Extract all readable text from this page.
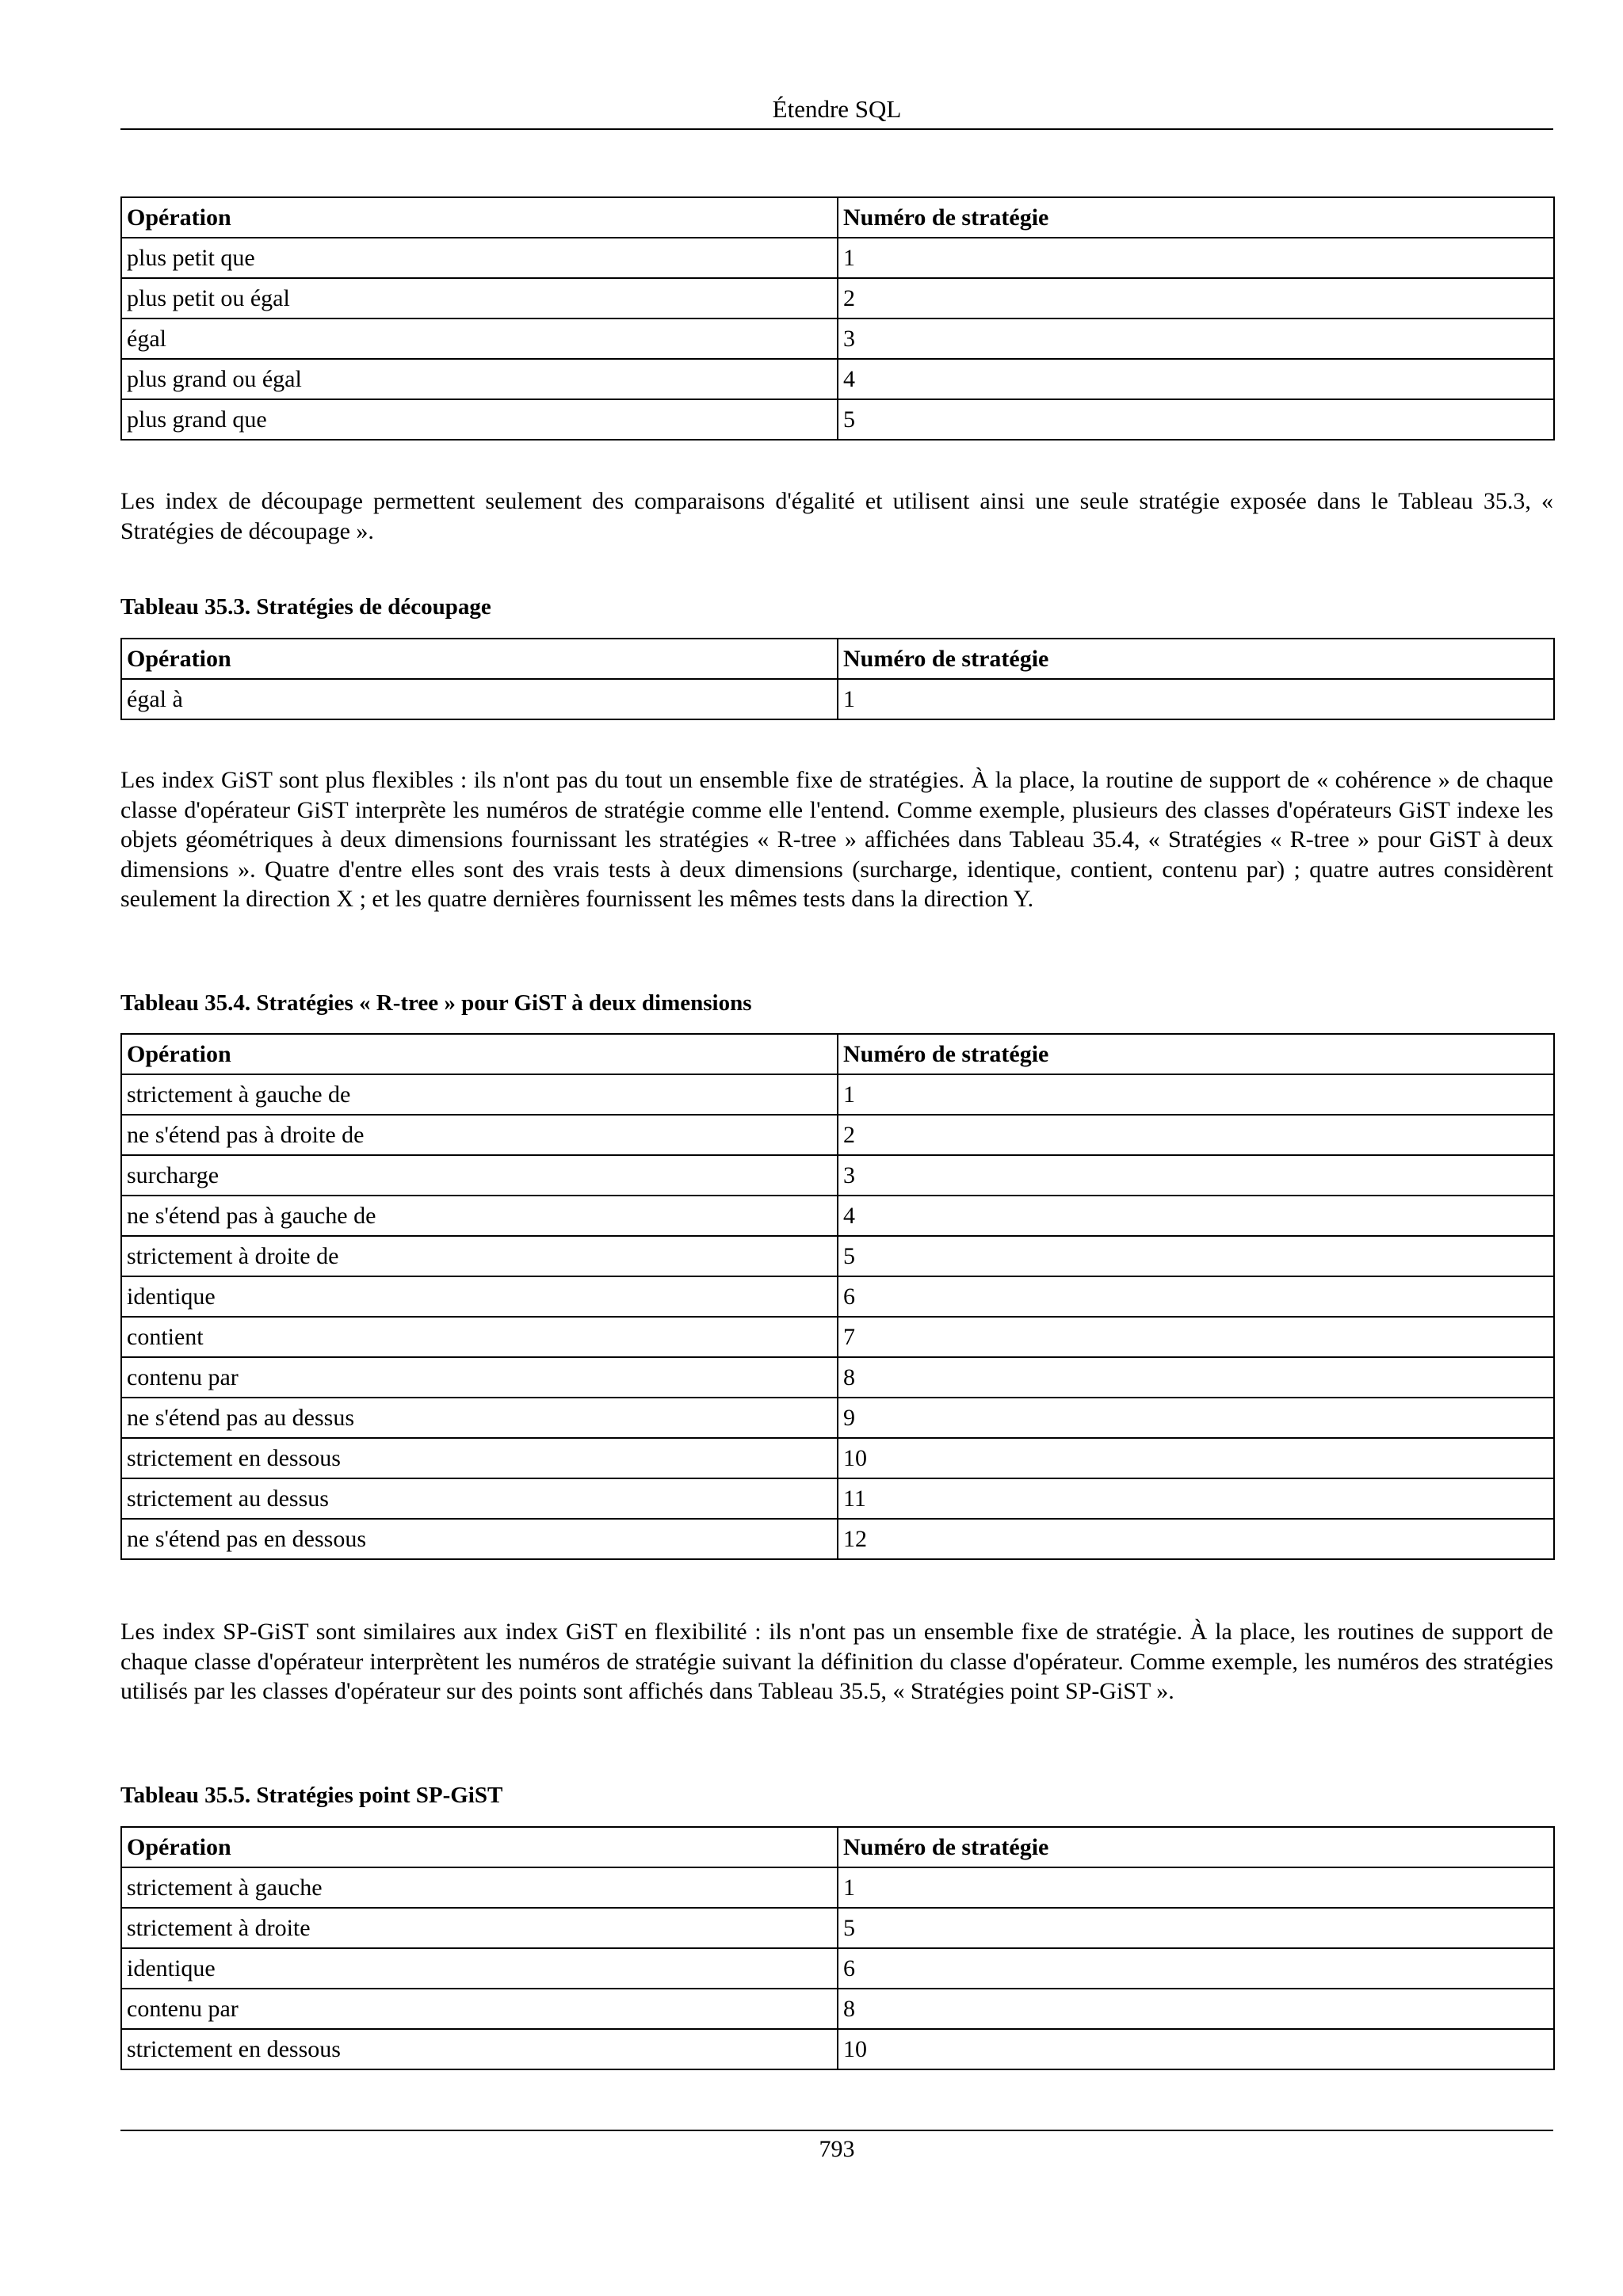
Étendre SQL
Opération	Numéro de stratégie
plus petit que	1
plus petit ou égal	2
égal	3
plus grand ou égal	4
plus grand que	5

Les index de découpage permettent seulement des comparaisons d'égalité et utilisent ainsi une seule stratégie exposée dans le Tableau 35.3, « Stratégies de découpage ».

Tableau 35.3. Stratégies de découpage

Opération	Numéro de stratégie
égal à	1

Les index GiST sont plus flexibles : ils n'ont pas du tout un ensemble fixe de stratégies. À la place, la routine de support de « cohérence » de chaque classe d'opérateur GiST interprète les numéros de stratégie comme elle l'entend. Comme exemple, plusieurs des classes d'opérateurs GiST indexe les objets géométriques à deux dimensions fournissant les stratégies « R-tree » affichées dans Tableau 35.4, « Stratégies « R-tree » pour GiST à deux dimensions ». Quatre d'entre elles sont des vrais tests à deux dimensions (surcharge, identique, contient, contenu par) ; quatre autres considèrent seulement la direction X ; et les quatre dernières fournissent les mêmes tests dans la direction Y.

Tableau 35.4. Stratégies « R-tree » pour GiST à deux dimensions

Opération	Numéro de stratégie
strictement à gauche de	1
ne s'étend pas à droite de	2
surcharge	3
ne s'étend pas à gauche de	4
strictement à droite de	5
identique	6
contient	7
contenu par	8
ne s'étend pas au dessus	9
strictement en dessous	10
strictement au dessus	11
ne s'étend pas en dessous	12

Les index SP-GiST sont similaires aux index GiST en flexibilité : ils n'ont pas un ensemble fixe de stratégie. À la place, les routines de support de chaque classe d'opérateur interprètent les numéros de stratégie suivant la définition du classe d'opérateur. Comme exemple, les numéros des stratégies utilisés par les classes d'opérateur sur des points sont affichés dans Tableau 35.5, « Stratégies point SP-GiST ».

Tableau 35.5. Stratégies point SP-GiST

Opération	Numéro de stratégie
strictement à gauche	1
strictement à droite	5
identique	6
contenu par	8
strictement en dessous	10
793
